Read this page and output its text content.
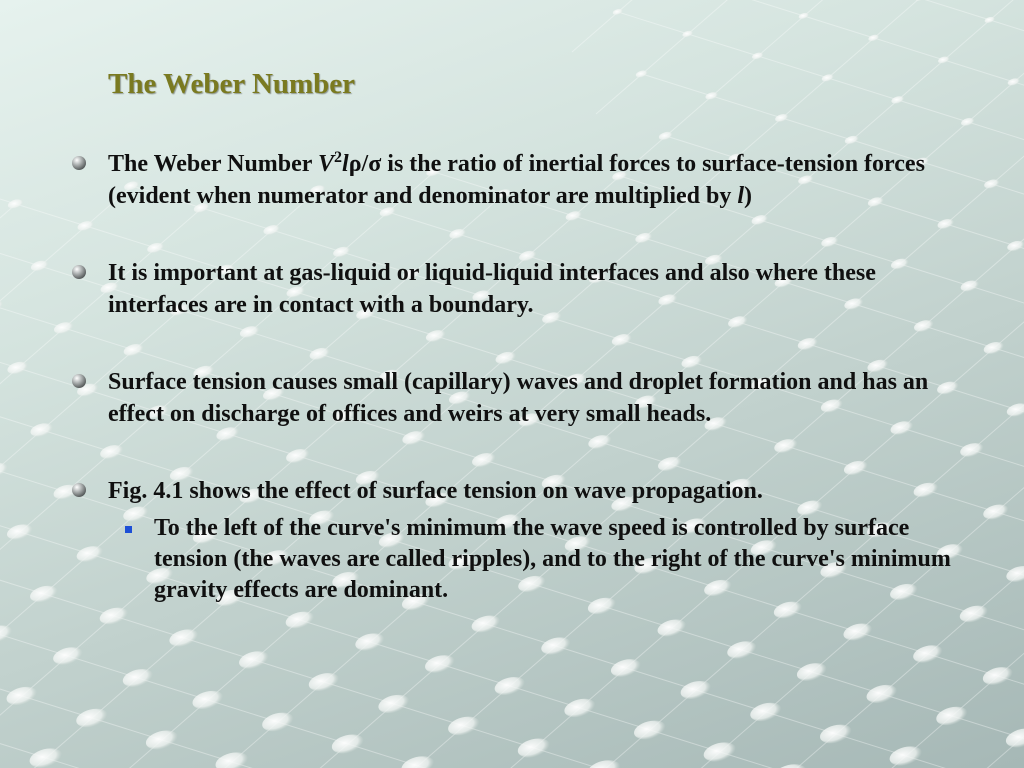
The Weber Number
The Weber Number $V^2l\rho/\sigma$ is the ratio of inertial forces to surface-tension forces (evident when numerator and denominator are multiplied by l)
It is important at gas-liquid or liquid-liquid interfaces and also where these interfaces are in contact with a boundary.
Surface tension causes small (capillary) waves and droplet formation and has an effect on discharge of offices and weirs at very small heads.
Fig. 4.1 shows the effect of surface tension on wave propagation.
To the left of the curve's minimum the wave speed is controlled by surface tension (the waves are called ripples), and to the right of the curve's minimum gravity effects are dominant.
